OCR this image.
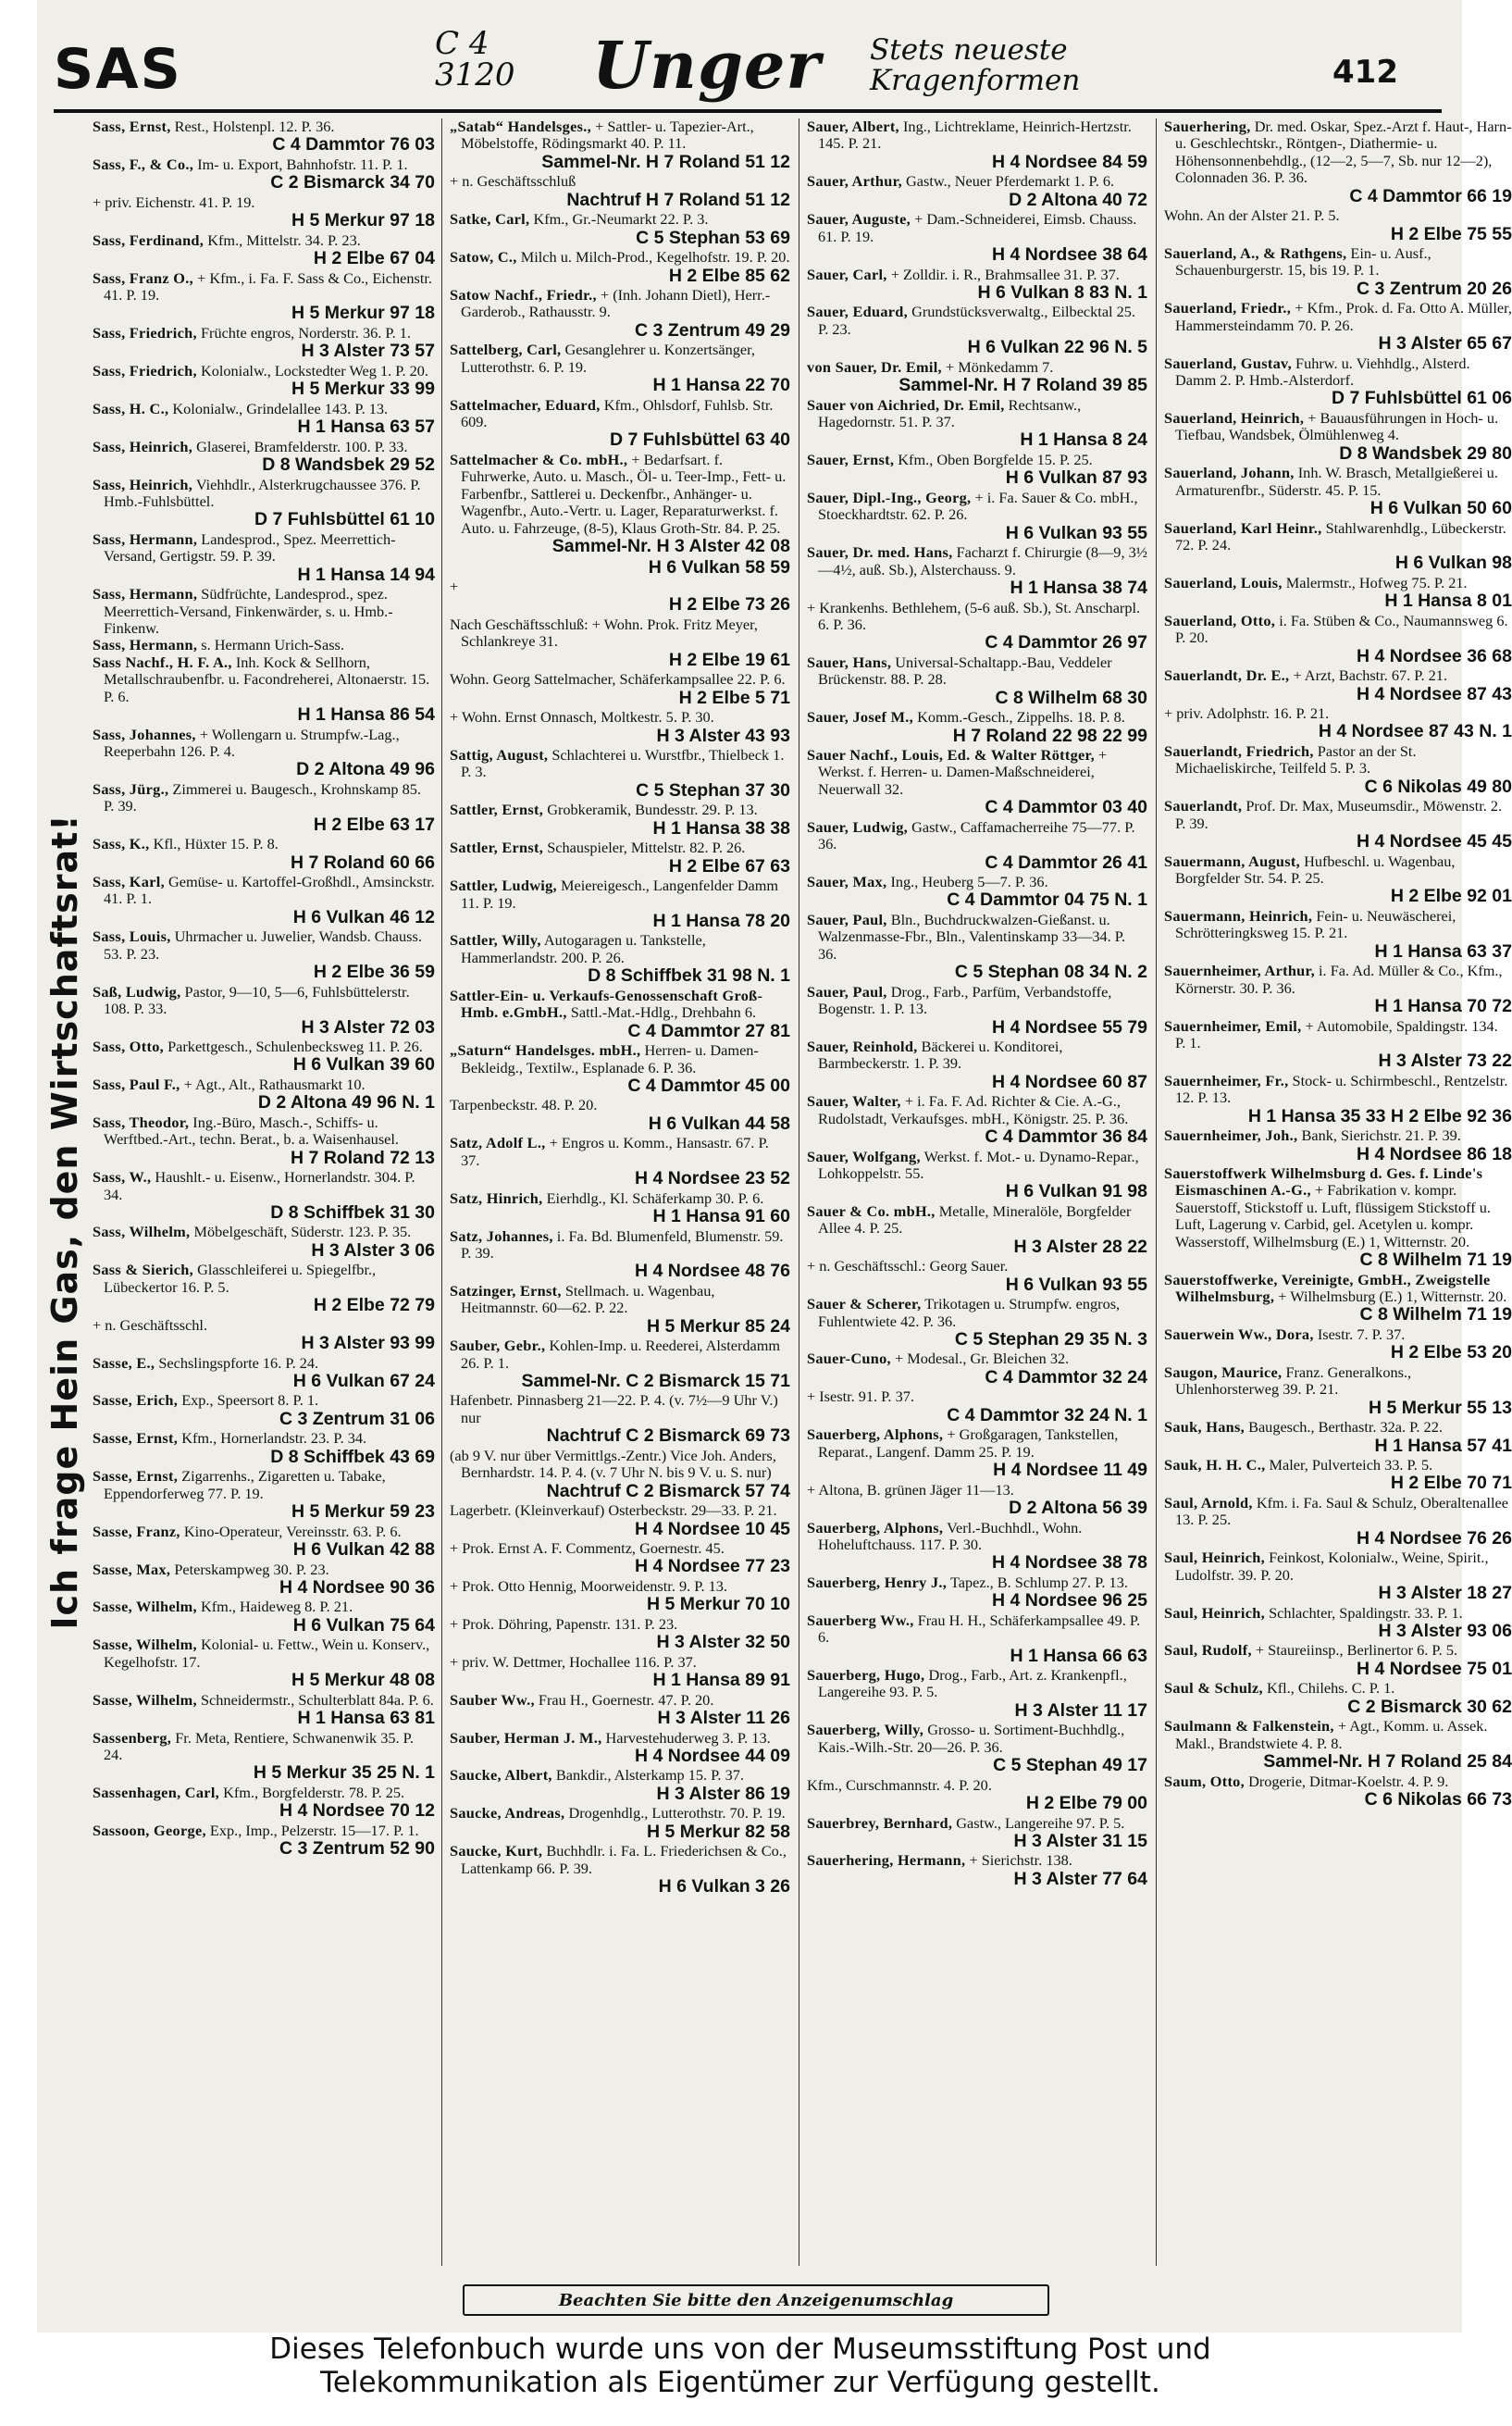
SAS	C 4
3120 Unger Stets neueste
Kragenformen	412
Ich frage Hein Gas, den Wirtschaftsrat!

Sass, Ernst, Rest., Holstenpl. 12. P. 36.

C 4 Dammtor 76 03

Sass, F., & Co., Im- u. Export, Bahnhofstr. 11. P. 1.

C 2 Bismarck 34 70

+ priv. Eichenstr. 41. P. 19.

H 5 Merkur 97 18

Sass, Ferdinand, Kfm., Mittelstr. 34. P. 23.

H 2 Elbe 67 04

Sass, Franz O., + Kfm., i. Fa. F. Sass & Co., Eichenstr. 41. P. 19.

H 5 Merkur 97 18

Sass, Friedrich, Früchte engros, Norderstr. 36. P. 1.

H 3 Alster 73 57

Sass, Friedrich, Kolonialw., Lockstedter Weg 1. P. 20.

H 5 Merkur 33 99

Sass, H. C., Kolonialw., Grindelallee 143. P. 13.

H 1 Hansa 63 57

Sass, Heinrich, Glaserei, Bramfelderstr. 100. P. 33.

D 8 Wandsbek 29 52

Sass, Heinrich, Viehhdlr., Alsterkrugchaussee 376. P. Hmb.-Fuhlsbüttel.

D 7 Fuhlsbüttel 61 10

Sass, Hermann, Landesprod., Spez. Meerrettich-Versand, Gertigstr. 59. P. 39.

H 1 Hansa 14 94

Sass, Hermann, Südfrüchte, Landesprod., spez. Meerrettich-Versand, Finkenwärder, s. u. Hmb.-Finkenw.

Sass, Hermann, s. Hermann Urich-Sass.

Sass Nachf., H. F. A., Inh. Kock & Sellhorn, Metallschraubenfbr. u. Facondreherei, Altonaerstr. 15. P. 6.

H 1 Hansa 86 54

Sass, Johannes, + Wollengarn u. Strumpfw.-Lag., Reeperbahn 126. P. 4.

D 2 Altona 49 96

Sass, Jürg., Zimmerei u. Baugesch., Krohnskamp 85. P. 39.

H 2 Elbe 63 17

Sass, K., Kfl., Hüxter 15. P. 8.

H 7 Roland 60 66

Sass, Karl, Gemüse- u. Kartoffel-Großhdl., Amsinckstr. 41. P. 1.

H 6 Vulkan 46 12

Sass, Louis, Uhrmacher u. Juwelier, Wandsb. Chauss. 53. P. 23.

H 2 Elbe 36 59

Saß, Ludwig, Pastor, 9—10, 5—6, Fuhlsbüttelerstr. 108. P. 33.

H 3 Alster 72 03

Sass, Otto, Parkettgesch., Schulenbecksweg 11. P. 26.

H 6 Vulkan 39 60

Sass, Paul F., + Agt., Alt., Rathausmarkt 10.

D 2 Altona 49 96 N. 1

Sass, Theodor, Ing.-Büro, Masch.-, Schiffs- u. Werftbed.-Art., techn. Berat., b. a. Waisenhausel.

H 7 Roland 72 13

Sass, W., Haushlt.- u. Eisenw., Hornerlandstr. 304. P. 34.

D 8 Schiffbek 31 30

Sass, Wilhelm, Möbelgeschäft, Süderstr. 123. P. 35.

H 3 Alster 3 06

Sass & Sierich, Glasschleiferei u. Spiegelfbr., Lübeckertor 16. P. 5.

H 2 Elbe 72 79

+ n. Geschäftsschl.

H 3 Alster 93 99

Sasse, E., Sechslingspforte 16. P. 24.

H 6 Vulkan 67 24

Sasse, Erich, Exp., Speersort 8. P. 1.

C 3 Zentrum 31 06

Sasse, Ernst, Kfm., Hornerlandstr. 23. P. 34.

D 8 Schiffbek 43 69

Sasse, Ernst, Zigarrenhs., Zigaretten u. Tabake, Eppendorferweg 77. P. 19.

H 5 Merkur 59 23

Sasse, Franz, Kino-Operateur, Vereinsstr. 63. P. 6.

H 6 Vulkan 42 88

Sasse, Max, Peterskampweg 30. P. 23.

H 4 Nordsee 90 36

Sasse, Wilhelm, Kfm., Haideweg 8. P. 21.

H 6 Vulkan 75 64

Sasse, Wilhelm, Kolonial- u. Fettw., Wein u. Konserv., Kegelhofstr. 17.

H 5 Merkur 48 08

Sasse, Wilhelm, Schneidermstr., Schulterblatt 84a. P. 6.

H 1 Hansa 63 81

Sassenberg, Fr. Meta, Rentiere, Schwanenwik 35. P. 24.

H 5 Merkur 35 25 N. 1

Sassenhagen, Carl, Kfm., Borgfelderstr. 78. P. 25.

H 4 Nordsee 70 12

Sassoon, George, Exp., Imp., Pelzerstr. 15—17. P. 1.

C 3 Zentrum 52 90

„Satab“ Handelsges., + Sattler- u. Tapezier-Art., Möbelstoffe, Rödingsmarkt 40. P. 11.

Sammel-Nr. H 7 Roland 51 12

+ n. Geschäftsschluß

Nachtruf H 7 Roland 51 12

Satke, Carl, Kfm., Gr.-Neumarkt 22. P. 3.

C 5 Stephan 53 69

Satow, C., Milch u. Milch-Prod., Kegelhofstr. 19. P. 20.

H 2 Elbe 85 62

Satow Nachf., Friedr., + (Inh. Johann Dietl), Herr.-Garderob., Rathausstr. 9.

C 3 Zentrum 49 29

Sattelberg, Carl, Gesanglehrer u. Konzertsänger, Lutterothstr. 6. P. 19.

H 1 Hansa 22 70

Sattelmacher, Eduard, Kfm., Ohlsdorf, Fuhlsb. Str. 609.

D 7 Fuhlsbüttel 63 40

Sattelmacher & Co. mbH., + Bedarfsart. f. Fuhrwerke, Auto. u. Masch., Öl- u. Teer-Imp., Fett- u. Farbenfbr., Sattlerei u. Deckenfbr., Anhänger- u. Wagenfbr., Auto.-Vertr. u. Lager, Reparaturwerkst. f. Auto. u. Fahrzeuge, (8-5), Klaus Groth-Str. 84. P. 25.

Sammel-Nr. H 3 Alster 42 08

H 6 Vulkan 58 59

+

H 2 Elbe 73 26

Nach Geschäftsschluß: + Wohn. Prok. Fritz Meyer, Schlankreye 31.

H 2 Elbe 19 61

Wohn. Georg Sattelmacher, Schäferkampsallee 22. P. 6.

H 2 Elbe 5 71

+ Wohn. Ernst Onnasch, Moltkestr. 5. P. 30.

H 3 Alster 43 93

Sattig, August, Schlachterei u. Wurstfbr., Thielbeck 1. P. 3.

C 5 Stephan 37 30

Sattler, Ernst, Grobkeramik, Bundesstr. 29. P. 13.

H 1 Hansa 38 38

Sattler, Ernst, Schauspieler, Mittelstr. 82. P. 26.

H 2 Elbe 67 63

Sattler, Ludwig, Meiereigesch., Langenfelder Damm 11. P. 19.

H 1 Hansa 78 20

Sattler, Willy, Autogaragen u. Tankstelle, Hammerlandstr. 200. P. 26.

D 8 Schiffbek 31 98 N. 1

Sattler-Ein- u. Verkaufs-Genossenschaft Groß-Hmb. e.GmbH., Sattl.-Mat.-Hdlg., Drehbahn 6.

C 4 Dammtor 27 81

„Saturn“ Handelsges. mbH., Herren- u. Damen-Bekleidg., Textilw., Esplanade 6. P. 36.

C 4 Dammtor 45 00

Tarpenbeckstr. 48. P. 20.

H 6 Vulkan 44 58

Satz, Adolf L., + Engros u. Komm., Hansastr. 67. P. 37.

H 4 Nordsee 23 52

Satz, Hinrich, Eierhdlg., Kl. Schäferkamp 30. P. 6.

H 1 Hansa 91 60

Satz, Johannes, i. Fa. Bd. Blumenfeld, Blumenstr. 59. P. 39.

H 4 Nordsee 48 76

Satzinger, Ernst, Stellmach. u. Wagenbau, Heitmannstr. 60—62. P. 22.

H 5 Merkur 85 24

Sauber, Gebr., Kohlen-Imp. u. Reederei, Alsterdamm 26. P. 1.

Sammel-Nr. C 2 Bismarck 15 71

Hafenbetr. Pinnasberg 21—22. P. 4. (v. 7½—9 Uhr V.) nur

Nachtruf C 2 Bismarck 69 73

(ab 9 V. nur über Vermittlgs.-Zentr.) Vice Joh. Anders, Bernhardstr. 14. P. 4. (v. 7 Uhr N. bis 9 V. u. S. nur)

Nachtruf C 2 Bismarck 57 74

Lagerbetr. (Kleinverkauf) Osterbeckstr. 29—33. P. 21.

H 4 Nordsee 10 45

+ Prok. Ernst A. F. Commentz, Goernestr. 45.

H 4 Nordsee 77 23

+ Prok. Otto Hennig, Moorweidenstr. 9. P. 13.

H 5 Merkur 70 10

+ Prok. Döhring, Papenstr. 131. P. 23.

H 3 Alster 32 50

+ priv. W. Dettmer, Hochallee 116. P. 37.

H 1 Hansa 89 91

Sauber Ww., Frau H., Goernestr. 47. P. 20.

H 3 Alster 11 26

Sauber, Herman J. M., Harvestehuderweg 3. P. 13.

H 4 Nordsee 44 09

Saucke, Albert, Bankdir., Alsterkamp 15. P. 37.

H 3 Alster 86 19

Saucke, Andreas, Drogenhdlg., Lutterothstr. 70. P. 19.

H 5 Merkur 82 58

Saucke, Kurt, Buchhdlr. i. Fa. L. Friederichsen & Co., Lattenkamp 66. P. 39.

H 6 Vulkan 3 26

Sauer, Albert, Ing., Lichtreklame, Heinrich-Hertzstr. 145. P. 21.

H 4 Nordsee 84 59

Sauer, Arthur, Gastw., Neuer Pferdemarkt 1. P. 6.

D 2 Altona 40 72

Sauer, Auguste, + Dam.-Schneiderei, Eimsb. Chauss. 61. P. 19.

H 4 Nordsee 38 64

Sauer, Carl, + Zolldir. i. R., Brahmsallee 31. P. 37.

H 6 Vulkan 8 83 N. 1

Sauer, Eduard, Grundstücksverwaltg., Eilbecktal 25. P. 23.

H 6 Vulkan 22 96 N. 5

von Sauer, Dr. Emil, + Mönkedamm 7.

Sammel-Nr. H 7 Roland 39 85

Sauer von Aichried, Dr. Emil, Rechtsanw., Hagedornstr. 51. P. 37.

H 1 Hansa 8 24

Sauer, Ernst, Kfm., Oben Borgfelde 15. P. 25.

H 6 Vulkan 87 93

Sauer, Dipl.-Ing., Georg, + i. Fa. Sauer & Co. mbH., Stoeckhardtstr. 62. P. 26.

H 6 Vulkan 93 55

Sauer, Dr. med. Hans, Facharzt f. Chirurgie (8—9, 3½—4½, auß. Sb.), Alsterchauss. 9.

H 1 Hansa 38 74

+ Krankenhs. Bethlehem, (5-6 auß. Sb.), St. Anscharpl. 6. P. 36.

C 4 Dammtor 26 97

Sauer, Hans, Universal-Schaltapp.-Bau, Veddeler Brückenstr. 88. P. 28.

C 8 Wilhelm 68 30

Sauer, Josef M., Komm.-Gesch., Zippelhs. 18. P. 8.

H 7 Roland 22 98 22 99

Sauer Nachf., Louis, Ed. & Walter Röttger, + Werkst. f. Herren- u. Damen-Maßschneiderei, Neuerwall 32.

C 4 Dammtor 03 40

Sauer, Ludwig, Gastw., Caffamacherreihe 75—77. P. 36.

C 4 Dammtor 26 41

Sauer, Max, Ing., Heuberg 5—7. P. 36.

C 4 Dammtor 04 75 N. 1

Sauer, Paul, Bln., Buchdruckwalzen-Gießanst. u. Walzenmasse-Fbr., Bln., Valentinskamp 33—34. P. 36.

C 5 Stephan 08 34 N. 2

Sauer, Paul, Drog., Farb., Parfüm, Verbandstoffe, Bogenstr. 1. P. 13.

H 4 Nordsee 55 79

Sauer, Reinhold, Bäckerei u. Konditorei, Barmbeckerstr. 1. P. 39.

H 4 Nordsee 60 87

Sauer, Walter, + i. Fa. F. Ad. Richter & Cie. A.-G., Rudolstadt, Verkaufsges. mbH., Königstr. 25. P. 36.

C 4 Dammtor 36 84

Sauer, Wolfgang, Werkst. f. Mot.- u. Dynamo-Repar., Lohkoppelstr. 55.

H 6 Vulkan 91 98

Sauer & Co. mbH., Metalle, Mineralöle, Borgfelder Allee 4. P. 25.

H 3 Alster 28 22

+ n. Geschäftsschl.: Georg Sauer.

H 6 Vulkan 93 55

Sauer & Scherer, Trikotagen u. Strumpfw. engros, Fuhlentwiete 42. P. 36.

C 5 Stephan 29 35 N. 3

Sauer-Cuno, + Modesal., Gr. Bleichen 32.

C 4 Dammtor 32 24

+ Isestr. 91. P. 37.

C 4 Dammtor 32 24 N. 1

Sauerberg, Alphons, + Großgaragen, Tankstellen, Reparat., Langenf. Damm 25. P. 19.

H 4 Nordsee 11 49

+ Altona, B. grünen Jäger 11—13.

D 2 Altona 56 39

Sauerberg, Alphons, Verl.-Buchhdl., Wohn. Hoheluftchauss. 117. P. 30.

H 4 Nordsee 38 78

Sauerberg, Henry J., Tapez., B. Schlump 27. P. 13.

H 4 Nordsee 96 25

Sauerberg Ww., Frau H. H., Schäferkampsallee 49. P. 6.

H 1 Hansa 66 63

Sauerberg, Hugo, Drog., Farb., Art. z. Krankenpfl., Langereihe 93. P. 5.

H 3 Alster 11 17

Sauerberg, Willy, Grosso- u. Sortiment-Buchhdlg., Kais.-Wilh.-Str. 20—26. P. 36.

C 5 Stephan 49 17

Kfm., Curschmannstr. 4. P. 20.

H 2 Elbe 79 00

Sauerbrey, Bernhard, Gastw., Langereihe 97. P. 5.

H 3 Alster 31 15

Sauerhering, Hermann, + Sierichstr. 138.

H 3 Alster 77 64

Sauerhering, Dr. med. Oskar, Spez.-Arzt f. Haut-, Harn- u. Geschlechtskr., Röntgen-, Diathermie- u. Höhensonnenbehdlg., (12—2, 5—7, Sb. nur 12—2), Colonnaden 36. P. 36.

C 4 Dammtor 66 19

Wohn. An der Alster 21. P. 5.

H 2 Elbe 75 55

Sauerland, A., & Rathgens, Ein- u. Ausf., Schauenburgerstr. 15, bis 19. P. 1.

C 3 Zentrum 20 26

Sauerland, Friedr., + Kfm., Prok. d. Fa. Otto A. Müller, Hammersteindamm 70. P. 26.

H 3 Alster 65 67

Sauerland, Gustav, Fuhrw. u. Viehhdlg., Alsterd. Damm 2. P. Hmb.-Alsterdorf.

D 7 Fuhlsbüttel 61 06

Sauerland, Heinrich, + Bauausführungen in Hoch- u. Tiefbau, Wandsbek, Ölmühlenweg 4.

D 8 Wandsbek 29 80

Sauerland, Johann, Inh. W. Brasch, Metallgießerei u. Armaturenfbr., Süderstr. 45. P. 15.

H 6 Vulkan 50 60

Sauerland, Karl Heinr., Stahlwarenhdlg., Lübeckerstr. 72. P. 24.

H 6 Vulkan 98

Sauerland, Louis, Malermstr., Hofweg 75. P. 21.

H 1 Hansa 8 01

Sauerland, Otto, i. Fa. Stüben & Co., Naumannsweg 6. P. 20.

H 4 Nordsee 36 68

Sauerlandt, Dr. E., + Arzt, Bachstr. 67. P. 21.

H 4 Nordsee 87 43

+ priv. Adolphstr. 16. P. 21.

H 4 Nordsee 87 43 N. 1

Sauerlandt, Friedrich, Pastor an der St. Michaeliskirche, Teilfeld 5. P. 3.

C 6 Nikolas 49 80

Sauerlandt, Prof. Dr. Max, Museumsdir., Möwenstr. 2. P. 39.

H 4 Nordsee 45 45

Sauermann, August, Hufbeschl. u. Wagenbau, Borgfelder Str. 54. P. 25.

H 2 Elbe 92 01

Sauermann, Heinrich, Fein- u. Neuwäscherei, Schrötteringksweg 15. P. 21.

H 1 Hansa 63 37

Sauernheimer, Arthur, i. Fa. Ad. Müller & Co., Kfm., Körnerstr. 30. P. 36.

H 1 Hansa 70 72

Sauernheimer, Emil, + Automobile, Spaldingstr. 134. P. 1.

H 3 Alster 73 22

Sauernheimer, Fr., Stock- u. Schirmbeschl., Rentzelstr. 12. P. 13.

H 1 Hansa 35 33 H 2 Elbe 92 36

Sauernheimer, Joh., Bank, Sierichstr. 21. P. 39.

H 4 Nordsee 86 18

Sauerstoffwerk Wilhelmsburg d. Ges. f. Linde's Eismaschinen A.-G., + Fabrikation v. kompr. Sauerstoff, Stickstoff u. Luft, flüssigem Stickstoff u. Luft, Lagerung v. Carbid, gel. Acetylen u. kompr. Wasserstoff, Wilhelmsburg (E.) 1, Witternstr. 20.

C 8 Wilhelm 71 19

Sauerstoffwerke, Vereinigte, GmbH., Zweigstelle Wilhelmsburg, + Wilhelmsburg (E.) 1, Witternstr. 20.

C 8 Wilhelm 71 19

Sauerwein Ww., Dora, Isestr. 7. P. 37.

H 2 Elbe 53 20

Saugon, Maurice, Franz. Generalkons., Uhlenhorsterweg 39. P. 21.

H 5 Merkur 55 13

Sauk, Hans, Baugesch., Berthastr. 32a. P. 22.

H 1 Hansa 57 41

Sauk, H. H. C., Maler, Pulverteich 33. P. 5.

H 2 Elbe 70 71

Saul, Arnold, Kfm. i. Fa. Saul & Schulz, Oberaltenallee 13. P. 25.

H 4 Nordsee 76 26

Saul, Heinrich, Feinkost, Kolonialw., Weine, Spirit., Ludolfstr. 39. P. 20.

H 3 Alster 18 27

Saul, Heinrich, Schlachter, Spaldingstr. 33. P. 1.

H 3 Alster 93 06

Saul, Rudolf, + Staureiinsp., Berlinertor 6. P. 5.

H 4 Nordsee 75 01

Saul & Schulz, Kfl., Chilehs. C. P. 1.

C 2 Bismarck 30 62

Saulmann & Falkenstein, + Agt., Komm. u. Assek. Makl., Brandstwiete 4. P. 8.

Sammel-Nr. H 7 Roland 25 84

Saum, Otto, Drogerie, Ditmar-Koelstr. 4. P. 9.

C 6 Nikolas 66 73

Beachten Sie bitte den Anzeigenumschlag
Dieses Telefonbuch wurde uns von der Museumsstiftung Post und
Telekommunikation als Eigentümer zur Verfügung gestellt.
